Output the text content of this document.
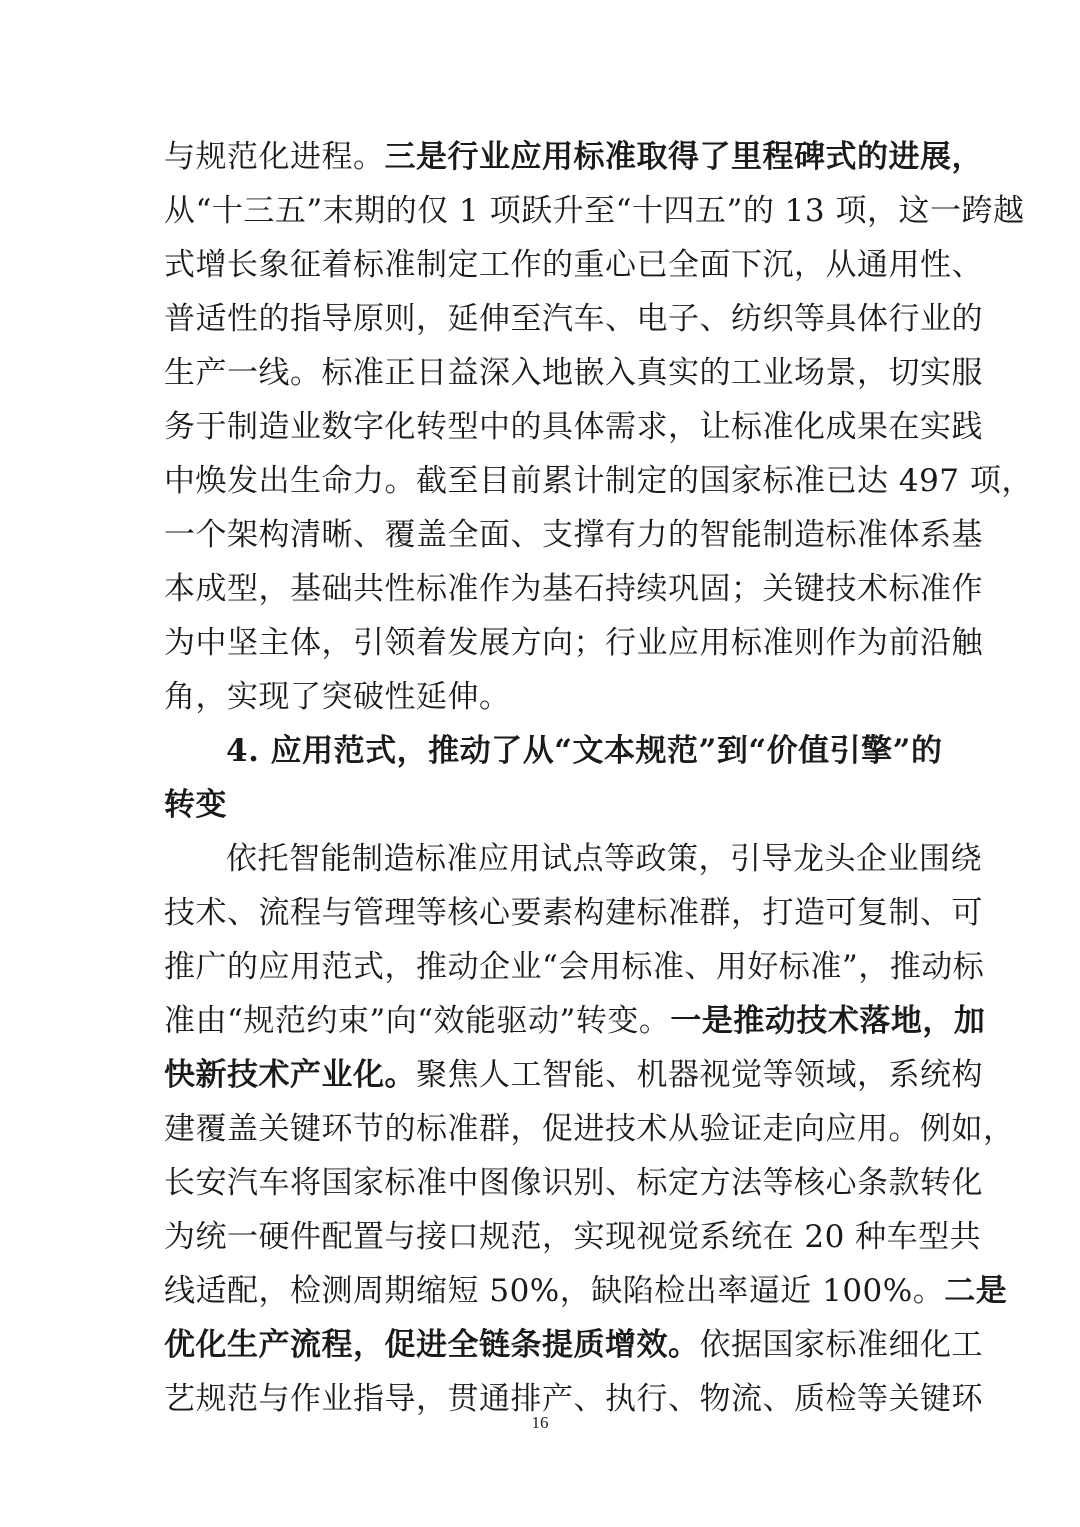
与规范化进程。三是行业应用标准取得了里程碑式的进展，
从“十三五”末期的仅 1 项跃升至“十四五”的 13 项，这一跨越
式增长象征着标准制定工作的重心已全面下沉，从通用性、
普适性的指导原则，延伸至汽车、电子、纺织等具体行业的
生产一线。标准正日益深入地嵌入真实的工业场景，切实服
务于制造业数字化转型中的具体需求，让标准化成果在实践
中焕发出生命力。截至目前累计制定的国家标准已达 497 项，
一个架构清晰、覆盖全面、支撑有力的智能制造标准体系基
本成型，基础共性标准作为基石持续巩固；关键技术标准作
为中坚主体，引领着发展方向；行业应用标准则作为前沿触
角，实现了突破性延伸。
4. 应用范式，推动了从“文本规范”到“价值引擎”的
转变
依托智能制造标准应用试点等政策，引导龙头企业围绕
技术、流程与管理等核心要素构建标准群，打造可复制、可
推广的应用范式，推动企业“会用标准、用好标准”，推动标
准由“规范约束”向“效能驱动”转变。一是推动技术落地，加
快新技术产业化。聚焦人工智能、机器视觉等领域，系统构
建覆盖关键环节的标准群，促进技术从验证走向应用。例如，
长安汽车将国家标准中图像识别、标定方法等核心条款转化
为统一硬件配置与接口规范，实现视觉系统在 20 种车型共
线适配，检测周期缩短 50%，缺陷检出率逼近 100%。二是
优化生产流程，促进全链条提质增效。依据国家标准细化工
艺规范与作业指导，贯通排产、执行、物流、质检等关键环
16
